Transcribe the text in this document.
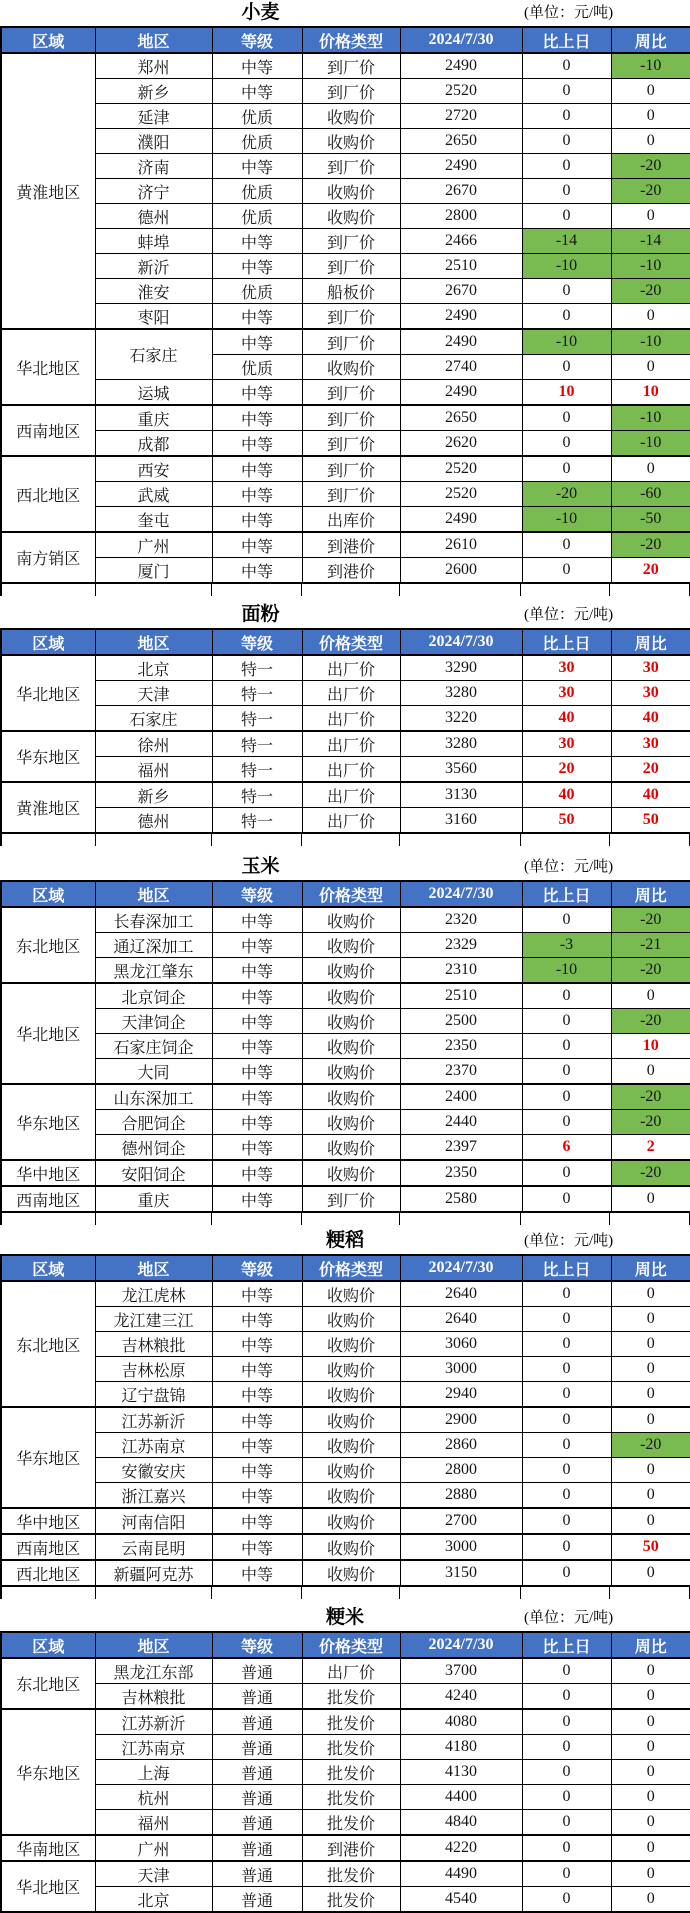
小麦	(单位：元/吨)
区域	地区	等级	价格类型	2024/7/30	比上日	周比
黄淮地区	郑州	中等	到厂价	2490	0	-10
	新乡	中等	到厂价	2520	0	0
	延津	优质	收购价	2720	0	0
	濮阳	优质	收购价	2650	0	0
	济南	中等	到厂价	2490	0	-20
	济宁	优质	收购价	2670	0	-20
	德州	优质	收购价	2800	0	0
	蚌埠	中等	到厂价	2466	-14	-14
	新沂	中等	到厂价	2510	-10	-10
	淮安	优质	船板价	2670	0	-20
	枣阳	中等	到厂价	2490	0	0
华北地区	石家庄	中等	到厂价	2490	-10	-10
		优质	收购价	2740	0	0
	运城	中等	到厂价	2490	10	10
西南地区	重庆	中等	到厂价	2650	0	-10
	成都	中等	到厂价	2620	0	-10
西北地区	西安	中等	到厂价	2520	0	0
	武威	中等	到厂价	2520	-20	-60
	奎屯	中等	出库价	2490	-10	-50
南方销区	广州	中等	到港价	2610	0	-20
	厦门	中等	到港价	2600	0	20
面粉	(单位：元/吨)
区域	地区	等级	价格类型	2024/7/30	比上日	周比
华北地区	北京	特一	出厂价	3290	30	30
	天津	特一	出厂价	3280	30	30
	石家庄	特一	出厂价	3220	40	40
华东地区	徐州	特一	出厂价	3280	30	30
	福州	特一	出厂价	3560	20	20
黄淮地区	新乡	特一	出厂价	3130	40	40
	德州	特一	出厂价	3160	50	50
玉米	(单位：元/吨)
区域	地区	等级	价格类型	2024/7/30	比上日	周比
东北地区	长春深加工	中等	收购价	2320	0	-20
	通辽深加工	中等	收购价	2329	-3	-21
	黑龙江肇东	中等	收购价	2310	-10	-20
华北地区	北京饲企	中等	收购价	2510	0	0
	天津饲企	中等	收购价	2500	0	-20
	石家庄饲企	中等	收购价	2350	0	10
	大同	中等	收购价	2370	0	0
华东地区	山东深加工	中等	收购价	2400	0	-20
	合肥饲企	中等	收购价	2440	0	-20
	德州饲企	中等	收购价	2397	6	2
华中地区	安阳饲企	中等	收购价	2350	0	-20
西南地区	重庆	中等	到厂价	2580	0	0
粳稻	(单位：元/吨)
区域	地区	等级	价格类型	2024/7/30	比上日	周比
东北地区	龙江虎林	中等	收购价	2640	0	0
	龙江建三江	中等	收购价	2640	0	0
	吉林粮批	中等	收购价	3060	0	0
	吉林松原	中等	收购价	3000	0	0
	辽宁盘锦	中等	收购价	2940	0	0
华东地区	江苏新沂	中等	收购价	2900	0	0
	江苏南京	中等	收购价	2860	0	-20
	安徽安庆	中等	收购价	2800	0	0
	浙江嘉兴	中等	收购价	2880	0	0
华中地区	河南信阳	中等	收购价	2700	0	0
西南地区	云南昆明	中等	收购价	3000	0	50
西北地区	新疆阿克苏	中等	收购价	3150	0	0
粳米	(单位：元/吨)
区域	地区	等级	价格类型	2024/7/30	比上日	周比
东北地区	黑龙江东部	普通	出厂价	3700	0	0
	吉林粮批	普通	批发价	4240	0	0
华东地区	江苏新沂	普通	批发价	4080	0	0
	江苏南京	普通	批发价	4180	0	0
	上海	普通	批发价	4130	0	0
	杭州	普通	批发价	4400	0	0
	福州	普通	批发价	4840	0	0
华南地区	广州	普通	到港价	4220	0	0
华北地区	天津	普通	批发价	4490	0	0
	北京	普通	批发价	4540	0	0
